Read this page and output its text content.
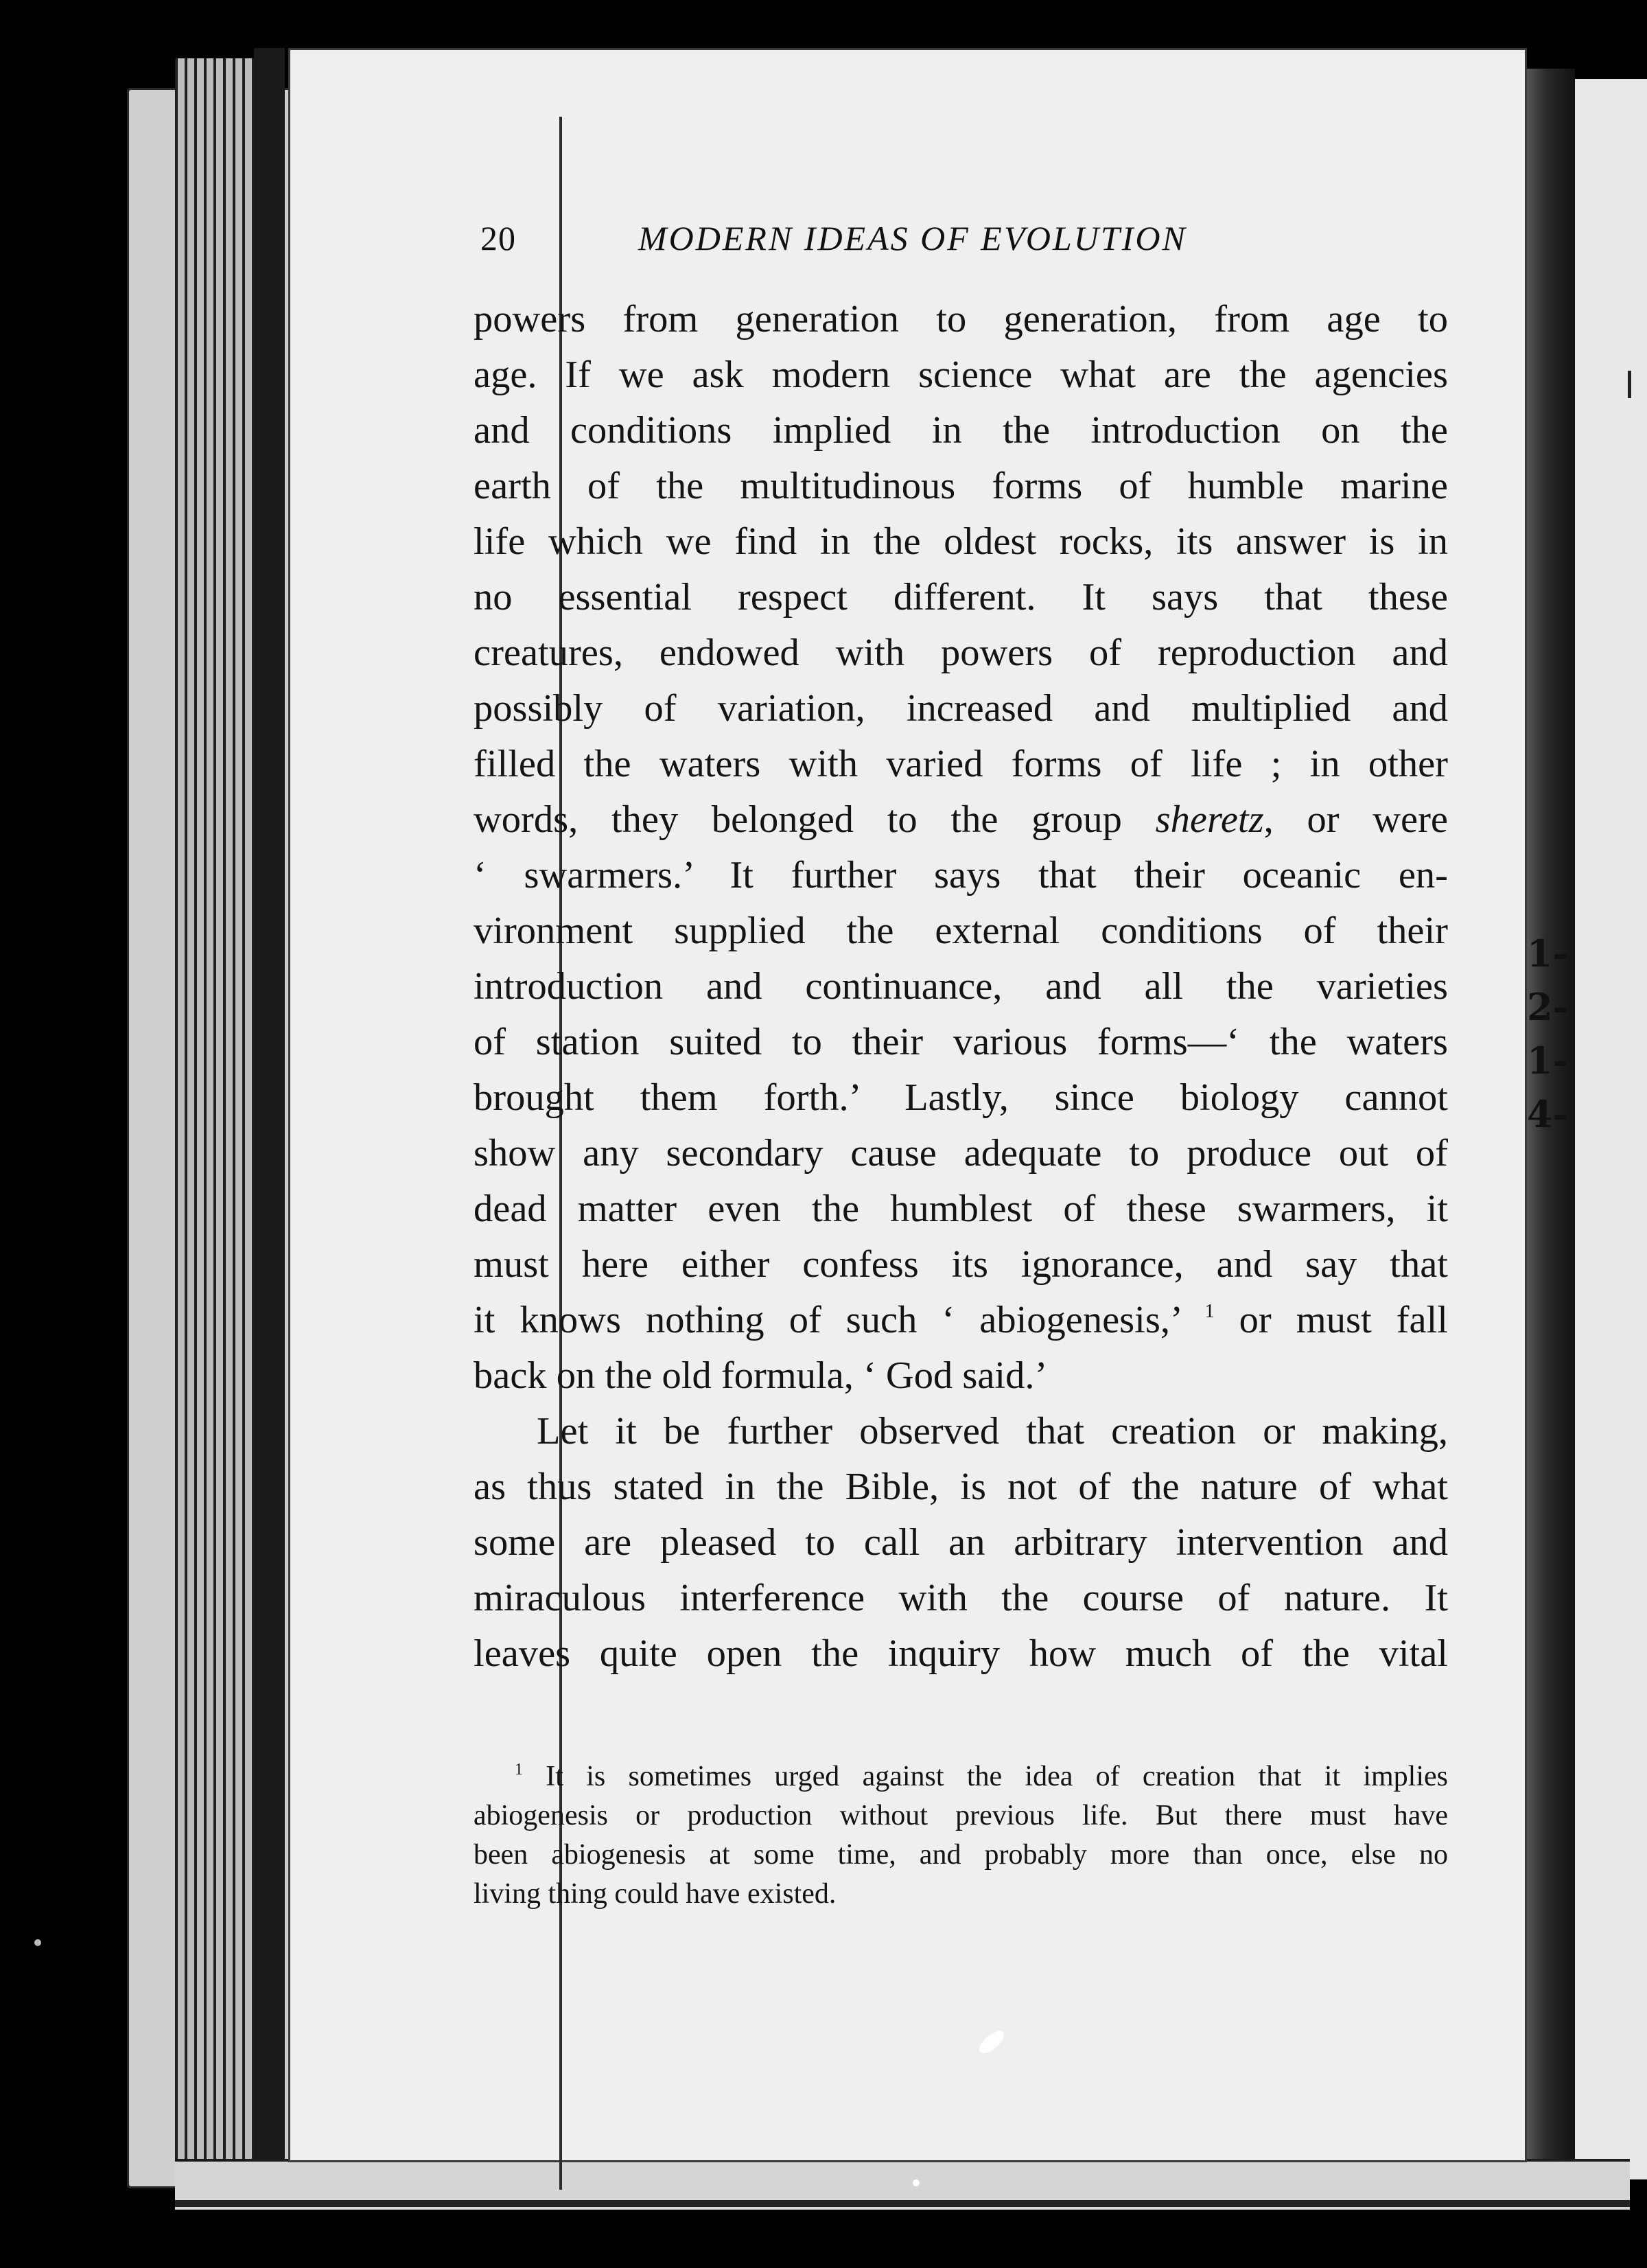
1-
2-
1-
4-
20	MODERN IDEAS OF EVOLUTION
powers from generation to generation, from age to
age. If we ask modern science what are the agencies
and conditions implied in the introduction on the
earth of the multitudinous forms of humble marine
life which we find in the oldest rocks, its answer is in
no essential respect different. It says that these
creatures, endowed with powers of reproduction and
possibly of variation, increased and multiplied and
filled the waters with varied forms of life ; in other
words, they belonged to the group sheretz, or were
‘ swarmers.’ It further says that their oceanic en-
vironment supplied the external conditions of their
introduction and continuance, and all the varieties
of station suited to their various forms—‘ the waters
brought them forth.’ Lastly, since biology cannot
show any secondary cause adequate to produce out of
dead matter even the humblest of these swarmers, it
must here either confess its ignorance, and say that
it knows nothing of such ‘ abiogenesis,’ $^1$ or must fall
back on the old formula, ‘ God said.’
Let it be further observed that creation or making,
as thus stated in the Bible, is not of the nature of what
some are pleased to call an arbitrary intervention and
miraculous interference with the course of nature. It
leaves quite open the inquiry how much of the vital
$^1$ It is sometimes urged against the idea of creation that it implies
abiogenesis or production without previous life. But there must have
been abiogenesis at some time, and probably more than once, else no
living thing could have existed.
